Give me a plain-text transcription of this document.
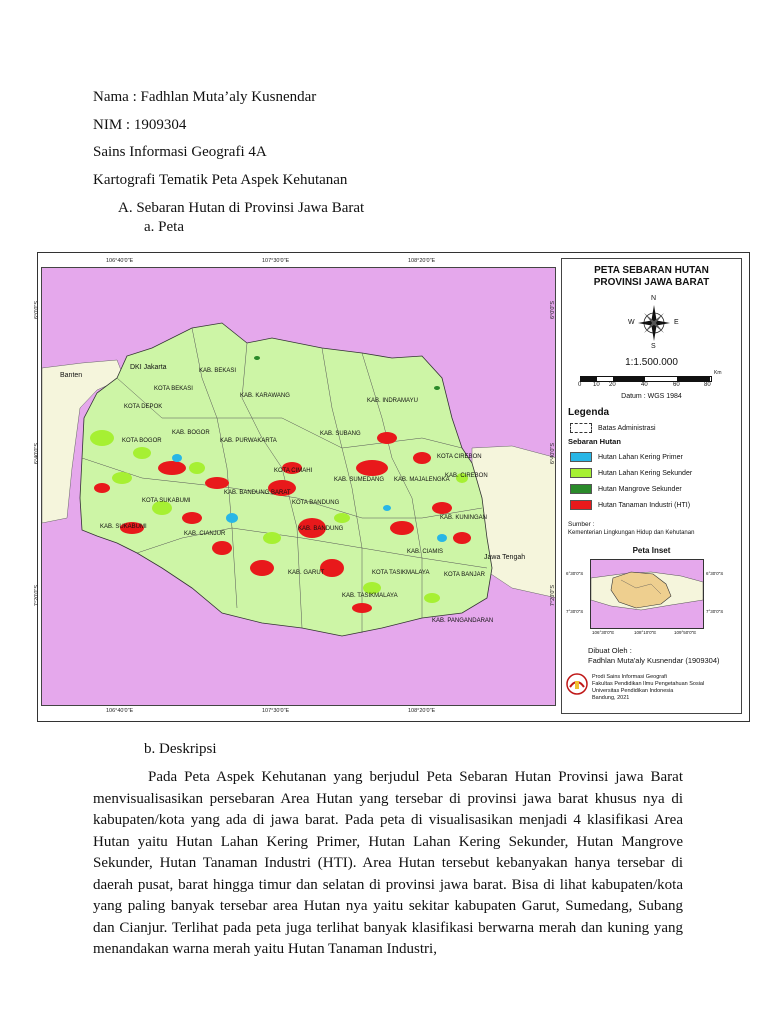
Nama : Fadhlan Muta’aly Kusnendar
NIM : 1909304
Sains Informasi Geografi 4A
Kartografi Tematik Peta Aspek Kehutanan
A. Sebaran Hutan di Provinsi Jawa Barat
a. Peta
106°40'0"E	107°30'0"E	108°20'0"E
106°40'0"E	107°30'0"E	108°20'0"E
Banten
DKI Jakarta
Jawa Tengah
KAB. BEKASI
KOTA BEKASI
KOTA DEPOK
KAB. KARAWANG
KAB. INDRAMAYU
KAB. BOGOR
KOTA BOGOR	KAB. PURWAKARTA
KAB. SUBANG
KOTA CIREBON
KOTA CIMAHI
KAB. SUMEDANG KAB. MAJALENGKA
KAB. CIREBON
KAB. BANDUNG BARAT
KOTA SUKABUMI	KOTA BANDUNG
KAB. KUNINGAN
KAB. SUKABUMI
KAB. CIANJUR
KAB. BANDUNG
KAB. CIAMIS
KAB. GARUT	KOTA TASIKMALAYA KOTA BANJAR
KAB. TASIKMALAYA
KAB. PANGANDARAN
6°0'0"S
6°40'0"S
7°20'0"S
6°0'0"S
6°40'0"S
7°20'0"S
PETA SEBARAN HUTAN
PROVINSI JAWA BARAT
N
S
W	E
1:1.500.000
Km
0 10 20	40	60	80
Datum : WGS 1984
Legenda
Batas Administrasi
Sebaran Hutan
Hutan Lahan Kering Primer
Hutan Lahan Kering Sekunder
Hutan Mangrove Sekunder
Hutan Tanaman Industri (HTI)
Sumber :
Kementerian Lingkungan Hidup dan Kehutanan
Peta Inset
6°30'0"S
7°30'0"S
6°30'0"S
7°30'0"S
106°30'0"E	108°10'0"E	109°50'0"E
Dibuat Oleh :
Fadhlan Muta'aly Kusnendar (1909304)
Prodi Sains Informasi Geografi
Fakultas Pendidikan Ilmu Pengetahuan Sosial
Universitas Pendidikan Indonesia
Bandung, 2021
b. Deskripsi
Pada Peta Aspek Kehutanan yang berjudul Peta Sebaran Hutan Provinsi jawa Barat menvisualisasikan persebaran Area Hutan yang tersebar di provinsi jawa barat khusus nya di kabupaten/kota yang ada di jawa barat. Pada peta di visualisasikan menjadi 4 klasifikasi Area Hutan yaitu Hutan Lahan Kering Primer, Hutan Lahan Kering Sekunder, Hutan Mangrove Sekunder, Hutan Tanaman Industri (HTI). Area Hutan tersebut kebanyakan hanya tersebar di daerah pusat, barat hingga timur dan selatan di provinsi jawa barat. Bisa di lihat kabupaten/kota yang paling banyak tersebar area Hutan nya yaitu sekitar kabupaten Garut, Sumedang, Subang dan Cianjur. Terlihat pada peta juga terlihat banyak klasifikasi berwarna merah dan kuning yang menandakan warna merah yaitu Hutan Tanaman Industri,
